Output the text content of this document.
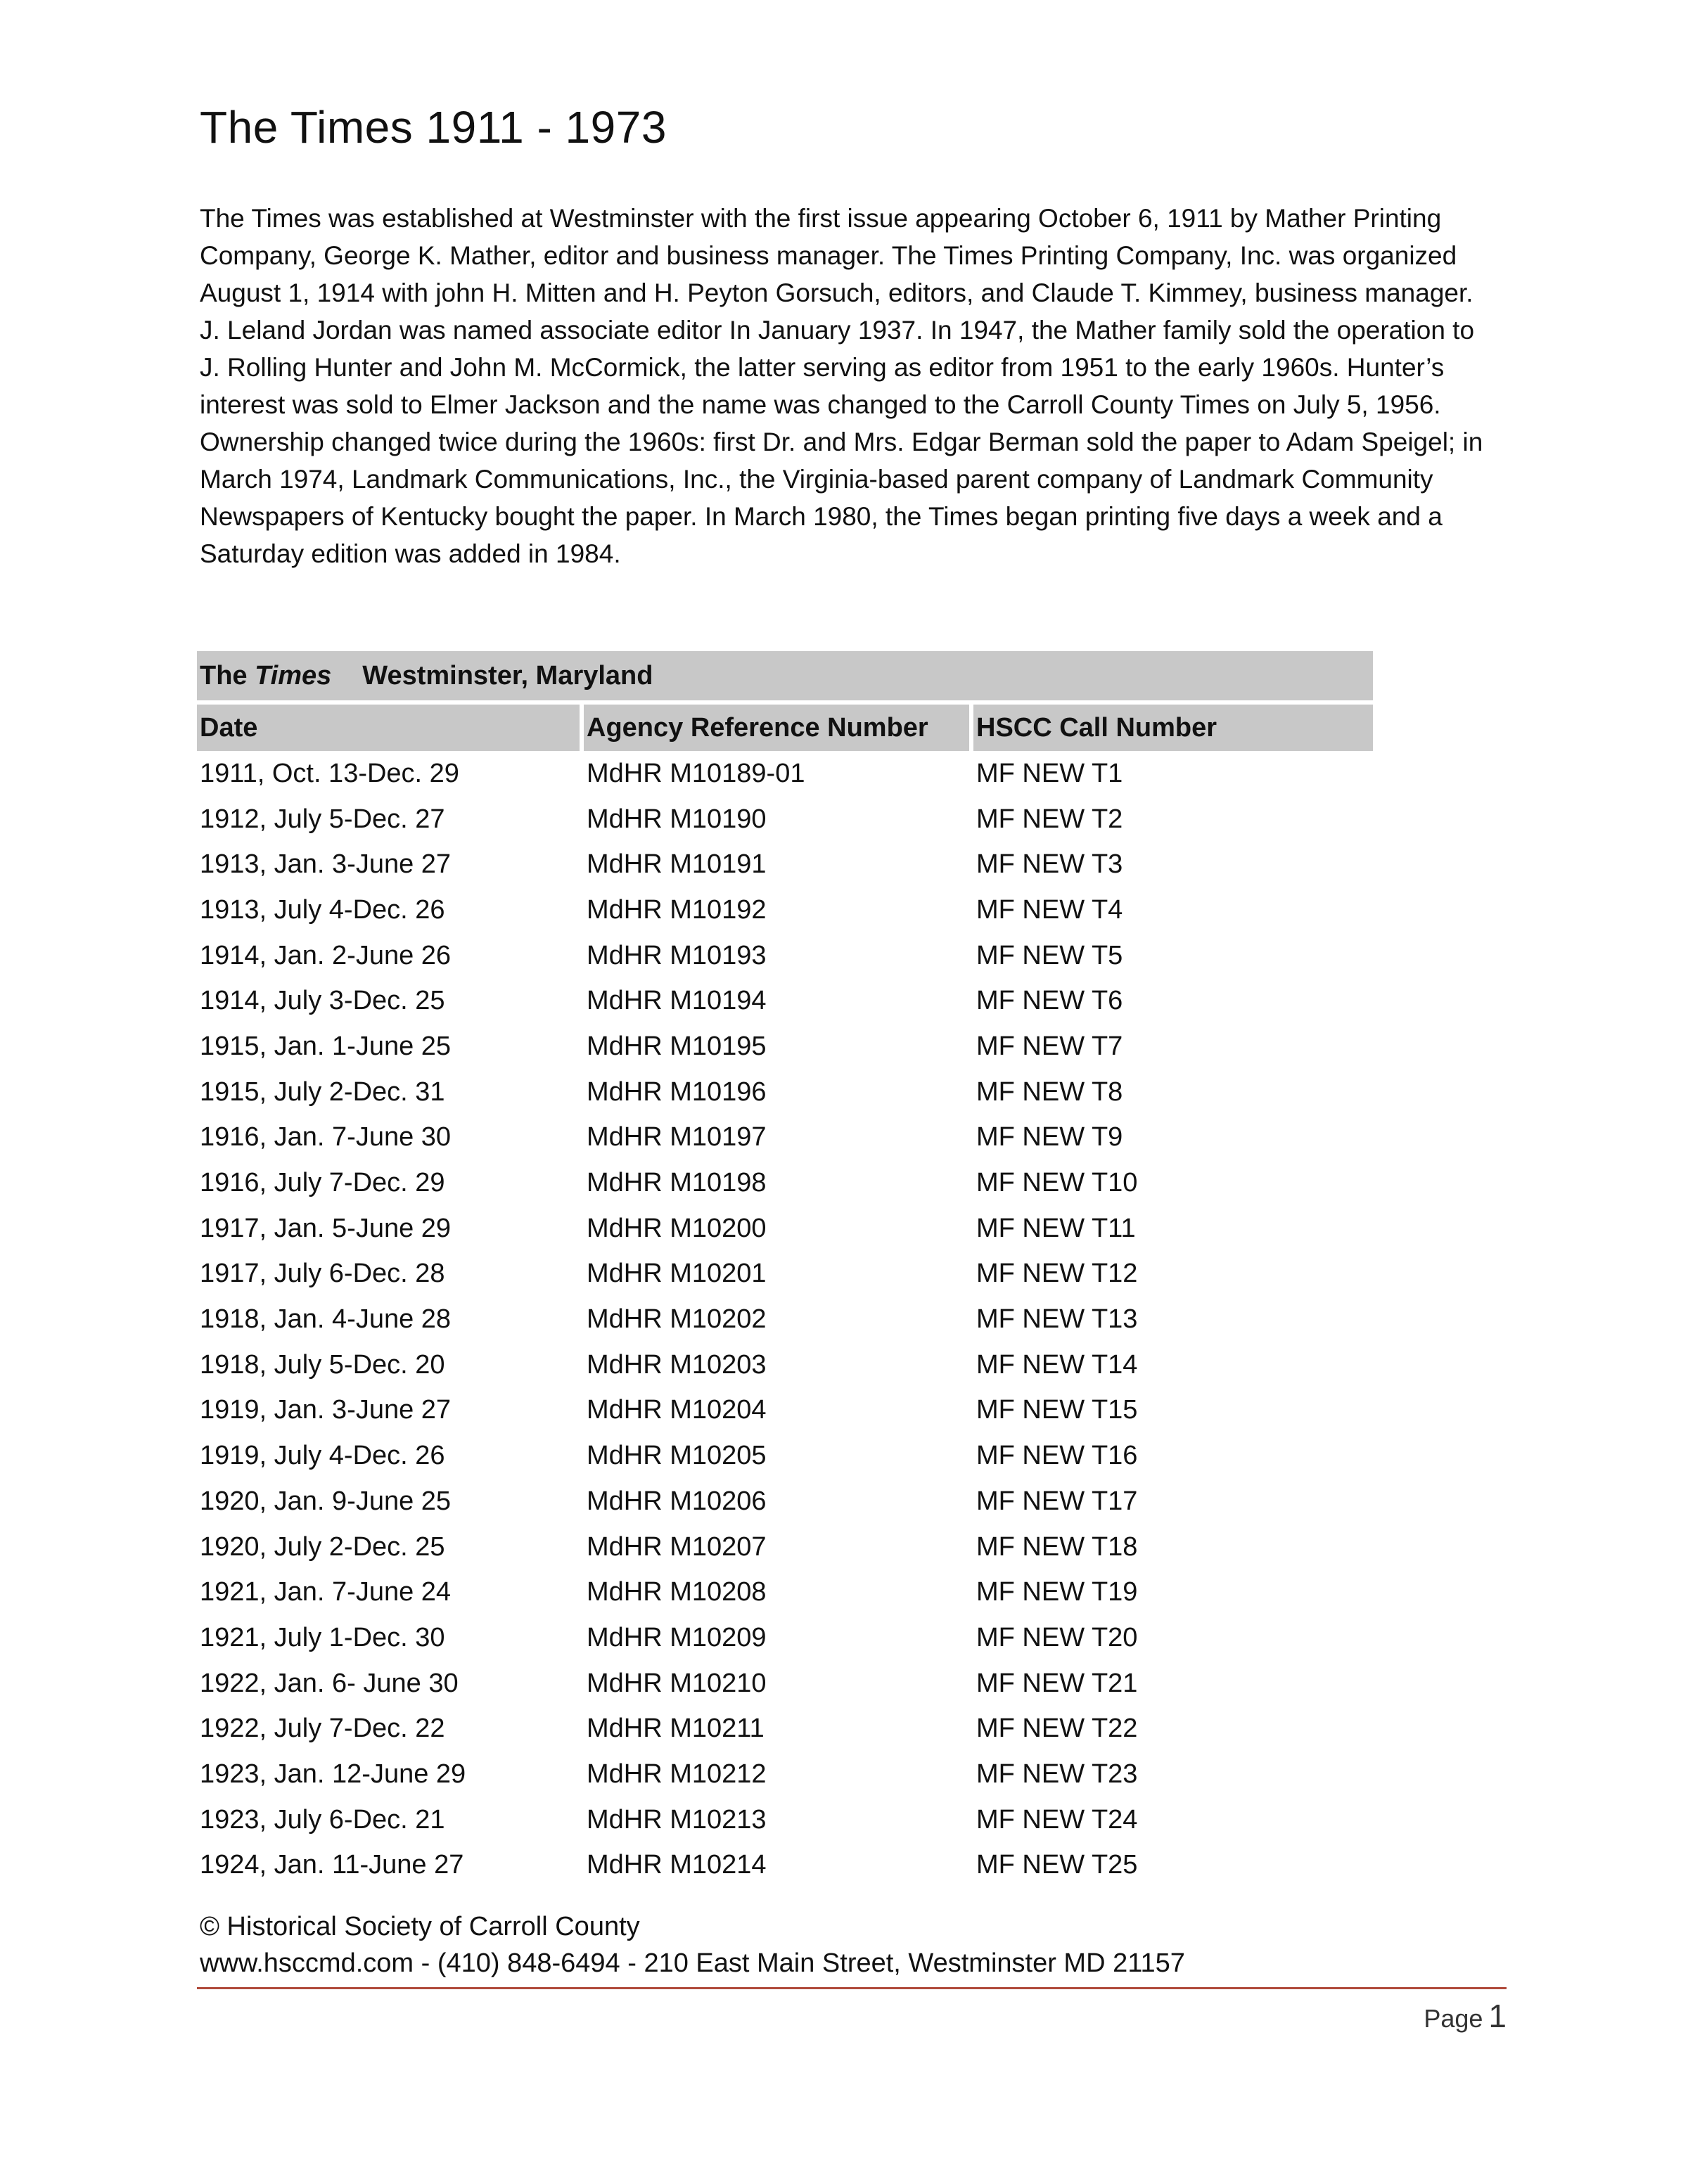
The Times 1911 - 1973

The Times was established at Westminster with the first issue appearing October 6, 1911 by Mather Printing Company, George K. Mather, editor and business manager. The Times Printing Company, Inc. was organized August 1, 1914 with john H. Mitten and H. Peyton Gorsuch, editors, and Claude T. Kimmey, business manager. J. Leland Jordan was named associate editor In January 1937. In 1947, the Mather family sold the operation to J. Rolling Hunter and John M. McCormick, the latter serving as editor from 1951 to the early 1960s. Hunter’s interest was sold to Elmer Jackson and the name was changed to the Carroll County Times on July 5, 1956. Ownership changed twice during the 1960s: first Dr. and Mrs. Edgar Berman sold the paper to Adam Speigel; in March 1974, Landmark Communications, Inc., the Virginia-based parent company of Landmark Community Newspapers of Kentucky bought the paper. In March 1980, the Times began printing five days a week and a Saturday edition was added in 1984.

The Times Westminster, Maryland		
Date	Agency Reference Number	HSCC Call Number
1911, Oct. 13-Dec. 29	MdHR M10189-01	MF NEW T1
1912, July 5-Dec. 27	MdHR M10190	MF NEW T2
1913, Jan. 3-June 27	MdHR M10191	MF NEW T3
1913, July 4-Dec. 26	MdHR M10192	MF NEW T4
1914, Jan. 2-June 26	MdHR M10193	MF NEW T5
1914, July 3-Dec. 25	MdHR M10194	MF NEW T6
1915, Jan. 1-June 25	MdHR M10195	MF NEW T7
1915, July 2-Dec. 31	MdHR M10196	MF NEW T8
1916, Jan. 7-June 30	MdHR M10197	MF NEW T9
1916, July 7-Dec. 29	MdHR M10198	MF NEW T10
1917, Jan. 5-June 29	MdHR M10200	MF NEW T11
1917, July 6-Dec. 28	MdHR M10201	MF NEW T12
1918, Jan. 4-June 28	MdHR M10202	MF NEW T13
1918, July 5-Dec. 20	MdHR M10203	MF NEW T14
1919, Jan. 3-June 27	MdHR M10204	MF NEW T15
1919, July 4-Dec. 26	MdHR M10205	MF NEW T16
1920, Jan. 9-June 25	MdHR M10206	MF NEW T17
1920, July 2-Dec. 25	MdHR M10207	MF NEW T18
1921, Jan. 7-June 24	MdHR M10208	MF NEW T19
1921, July 1-Dec. 30	MdHR M10209	MF NEW T20
1922, Jan. 6- June 30	MdHR M10210	MF NEW T21
1922, July 7-Dec. 22	MdHR M10211	MF NEW T22
1923, Jan. 12-June 29	MdHR M10212	MF NEW T23
1923, July 6-Dec. 21	MdHR M10213	MF NEW T24
1924, Jan. 11-June 27	MdHR M10214	MF NEW T25

© Historical Society of Carroll County

www.hsccmd.com - (410) 848-6494 - 210 East Main Street, Westminster MD 21157

Page 1
